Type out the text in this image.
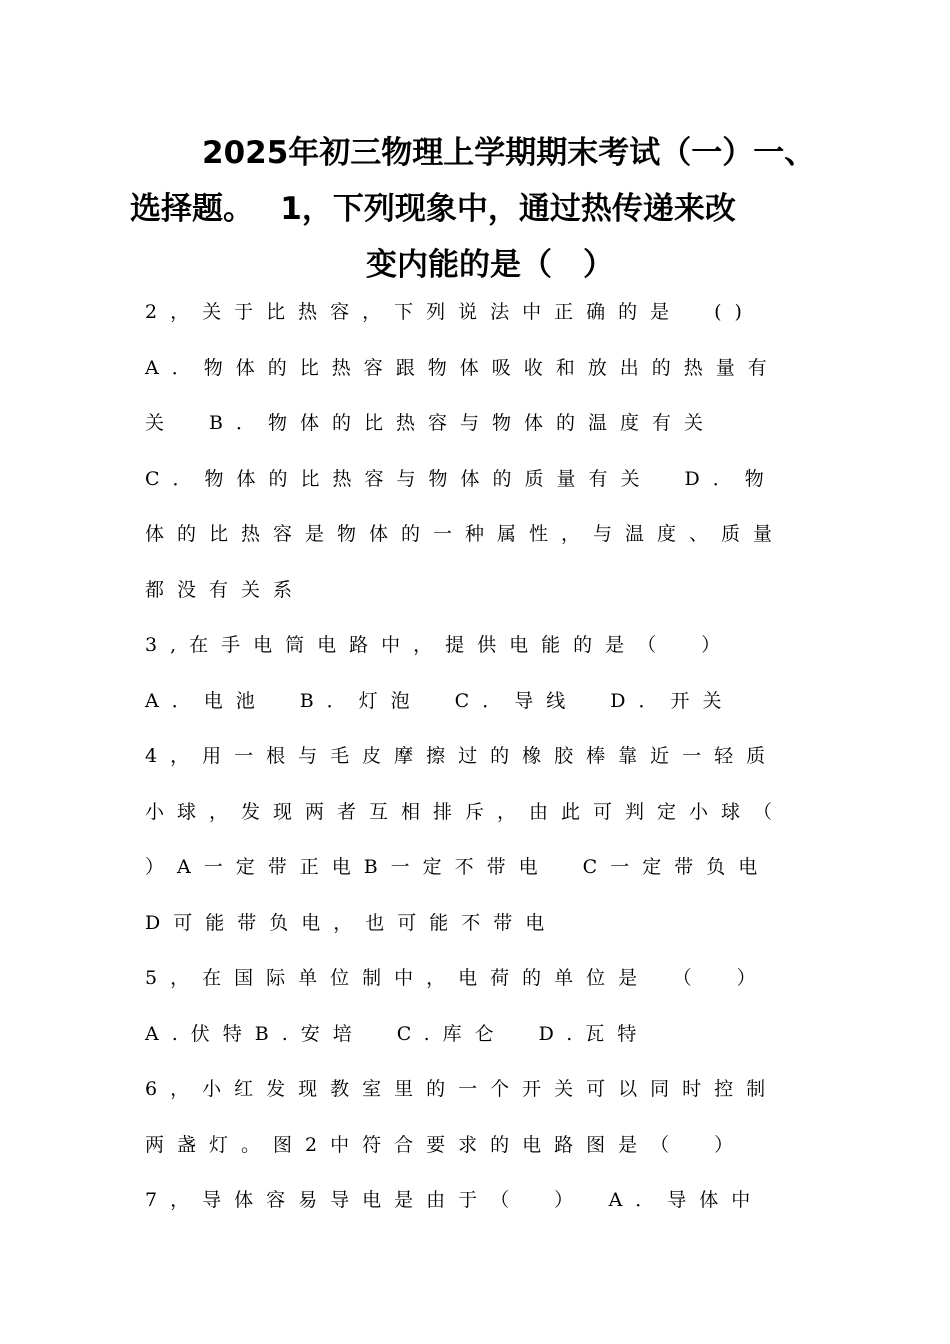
2025年初三物理上学期期末考试（一）一、
选择题。　 1，下列现象中，通过热传递来改
变内能的是（　）
2，关于比热容，下列说法中正确的是　()
A．物体的比热容跟物体吸收和放出的热量有
关　B．物体的比热容与物体的温度有关
C．物体的比热容与物体的质量有关　D．物
体的比热容是物体的一种属性，与温度、质量
都没有关系
3,在手电筒电路中，提供电能的是（　）
A．电池　B．灯泡　C．导线　D．开关
4，用一根与毛皮摩擦过的橡胶棒靠近一轻质
小球，发现两者互相排斥，由此可判定小球（
）A一定带正电B一定不带电　C一定带负电
D可能带负电，也可能不带电
5，在国际单位制中，电荷的单位是　（　）
A.伏特B.安培　C.库仑　D.瓦特
6，小红发现教室里的一个开关可以同时控制
两盏灯。图2中符合要求的电路图是（　）
7，导体容易导电是由于（　）　A．导体中
